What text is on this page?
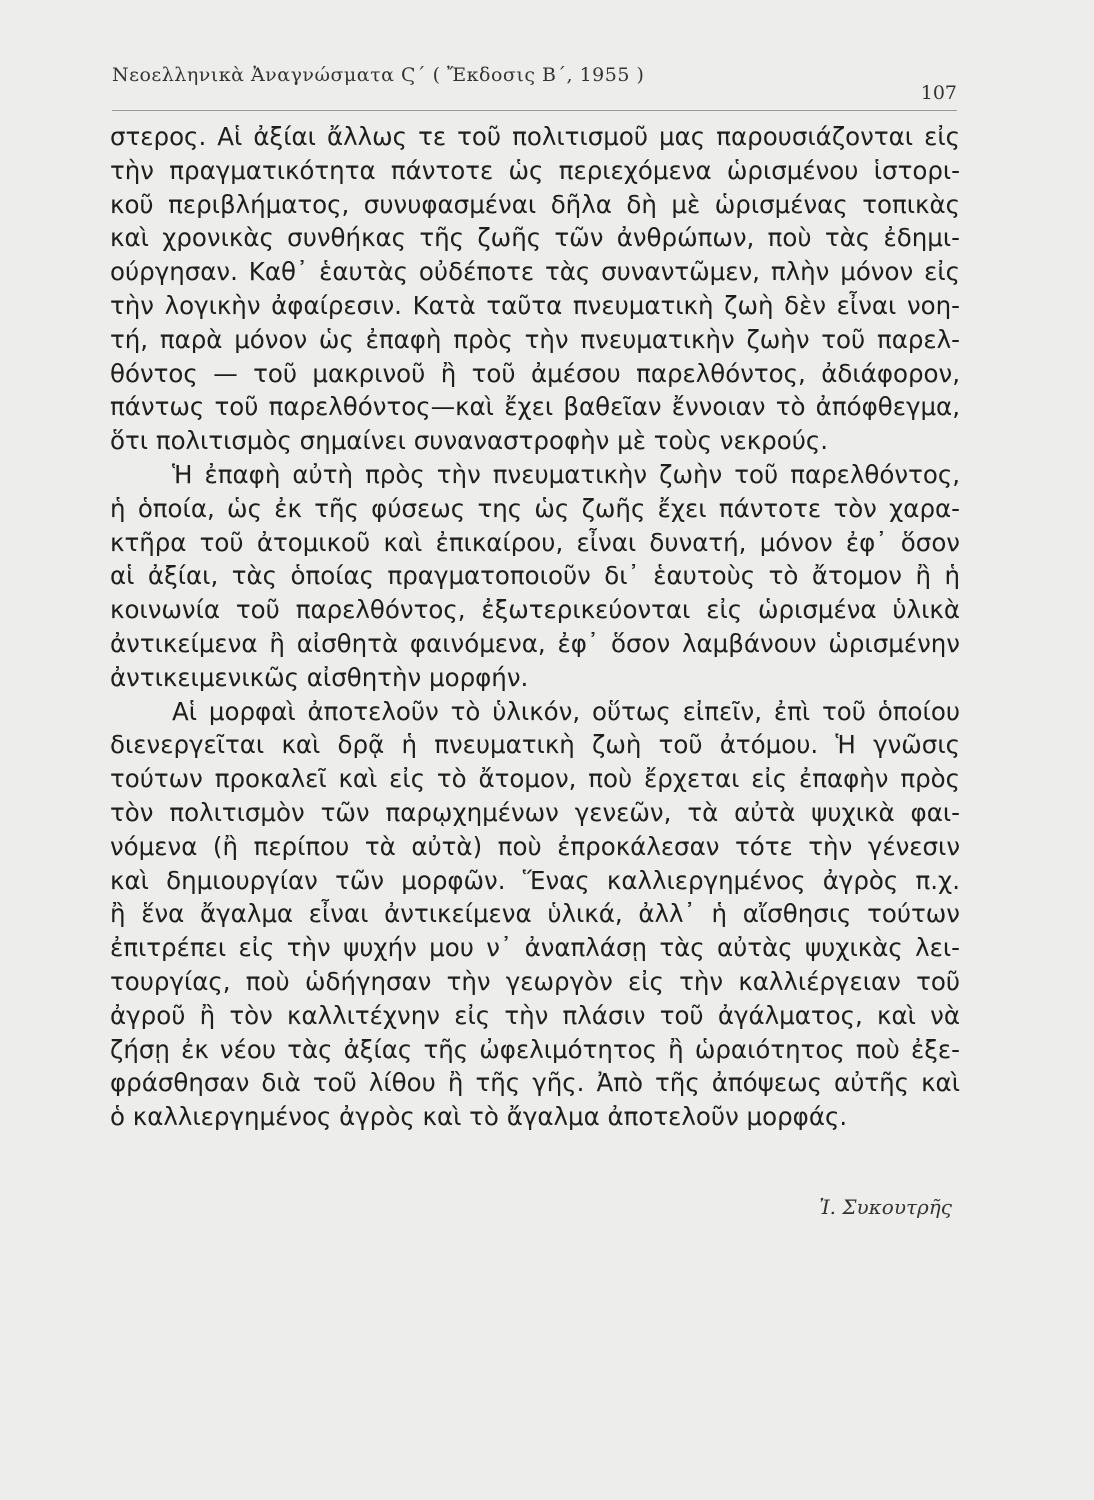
Νεοελληνικὰ Ἀναγνώσματα Ϛ΄ ( Ἔκδοσις Β΄, 1955 )
107
στερος. Αἱ ἀξίαι ἄλλως τε τοῦ πολιτισμοῦ μας παρουσιάζονται εἰς
τὴν πραγματικότητα πάντοτε ὡς περιεχόμενα ὡρισμένου ἱστορι-
κοῦ περιβλήματος, συνυφασμέναι δῆλα δὴ μὲ ὡρισμένας τοπικὰς
καὶ χρονικὰς συνθήκας τῆς ζωῆς τῶν ἀνθρώπων, ποὺ τὰς ἐδημι-
ούργησαν. Καθ᾽ ἑαυτὰς οὐδέποτε τὰς συναντῶμεν, πλὴν μόνον εἰς
τὴν λογικὴν ἀφαίρεσιν. Κατὰ ταῦτα πνευματικὴ ζωὴ δὲν εἶναι νοη-
τή, παρὰ μόνον ὡς ἐπαφὴ πρὸς τὴν πνευματικὴν ζωὴν τοῦ παρελ-
θόντος — τοῦ μακρινοῦ ἢ τοῦ ἀμέσου παρελθόντος, ἀδιάφορον,
πάντως τοῦ παρελθόντος—καὶ ἔχει βαθεῖαν ἔννοιαν τὸ ἀπόφθεγμα,
ὅτι πολιτισμὸς σημαίνει συναναστροφὴν μὲ τοὺς νεκρούς.
Ἡ ἐπαφὴ αὐτὴ πρὸς τὴν πνευματικὴν ζωὴν τοῦ παρελθόντος,
ἡ ὁποία, ὡς ἐκ τῆς φύσεως της ὡς ζωῆς ἔχει πάντοτε τὸν χαρα-
κτῆρα τοῦ ἀτομικοῦ καὶ ἐπικαίρου, εἶναι δυνατή, μόνον ἐφ᾽ ὅσον
αἱ ἀξίαι, τὰς ὁποίας πραγματοποιοῦν δι᾽ ἑαυτοὺς τὸ ἄτομον ἢ ἡ
κοινωνία τοῦ παρελθόντος, ἐξωτερικεύονται εἰς ὡρισμένα ὑλικὰ
ἀντικείμενα ἢ αἰσθητὰ φαινόμενα, ἐφ᾽ ὅσον λαμβάνουν ὡρισμένην
ἀντικειμενικῶς αἰσθητὴν μορφήν.
Αἱ μορφαὶ ἀποτελοῦν τὸ ὑλικόν, οὕτως εἰπεῖν, ἐπὶ τοῦ ὁποίου
διενεργεῖται καὶ δρᾷ ἡ πνευματικὴ ζωὴ τοῦ ἀτόμου. Ἡ γνῶσις
τούτων προκαλεῖ καὶ εἰς τὸ ἄτομον, ποὺ ἔρχεται εἰς ἐπαφὴν πρὸς
τὸν πολιτισμὸν τῶν παρῳχημένων γενεῶν, τὰ αὐτὰ ψυχικὰ φαι-
νόμενα (ἢ περίπου τὰ αὐτὰ) ποὺ ἐπροκάλεσαν τότε τὴν γένεσιν
καὶ δημιουργίαν τῶν μορφῶν. Ἕνας καλλιεργημένος ἀγρὸς π.χ.
ἢ ἕνα ἄγαλμα εἶναι ἀντικείμενα ὑλικά, ἀλλ᾽ ἡ αἴσθησις τούτων
ἐπιτρέπει εἰς τὴν ψυχήν μου ν᾽ ἀναπλάσῃ τὰς αὐτὰς ψυχικὰς λει-
τουργίας, ποὺ ὡδήγησαν τὴν γεωργὸν εἰς τὴν καλλιέργειαν τοῦ
ἀγροῦ ἢ τὸν καλλιτέχνην εἰς τὴν πλάσιν τοῦ ἀγάλματος, καὶ νὰ
ζήσῃ ἐκ νέου τὰς ἀξίας τῆς ὠφελιμότητος ἢ ὡραιότητος ποὺ ἐξε-
φράσθησαν διὰ τοῦ λίθου ἢ τῆς γῆς. Ἀπὸ τῆς ἀπόψεως αὐτῆς καὶ
ὁ καλλιεργημένος ἀγρὸς καὶ τὸ ἄγαλμα ἀποτελοῦν μορφάς.
Ἰ. Συκουτρῆς
